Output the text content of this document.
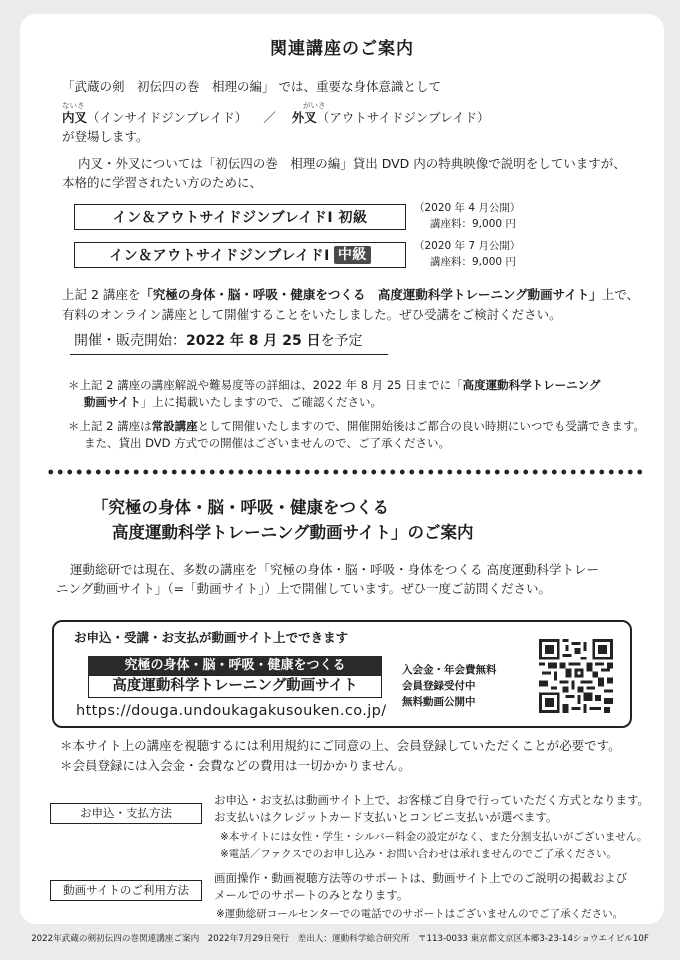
関連講座のご案内
「武蔵の剣　初伝四の巻　相理の編」 では、重要な身体意識として
ないさ	がいさ
内叉（インサイドジンブレイド） ／ 外叉（アウトサイドジンブレイド）
が登場します。
内叉・外叉については「初伝四の巻　相理の編」貸出 DVD 内の特典映像で説明をしていますが、
本格的に学習されたい方のために、
イン＆アウトサイドジンブレイドⅠ 初級
（2020 年 4 月公開）
講座料：9,000 円
イン＆アウトサイドジンブレイドⅠ 中級
（2020 年 7 月公開）
講座料：9,000 円
上記 2 講座を「究極の身体・脳・呼吸・健康をつくる　高度運動科学トレーニング動画サイト」上で、
有料のオンライン講座として開催することをいたしました。ぜひ受講をご検討ください。
開催・販売開始：2022 年 8 月 25 日を予定
＊上記 2 講座の講座解説や難易度等の詳細は、2022 年 8 月 25 日までに「高度運動科学トレーニング
動画サイト」上に掲載いたしますので、ご確認ください。
＊上記 2 講座は常設講座として開催いたしますので、開催開始後はご都合の良い時期にいつでも受講できます。
また、貸出 DVD 方式での開催はございませんので、ご了承ください。
「究極の身体・脳・呼吸・健康をつくる
高度運動科学トレーニング動画サイト」のご案内
運動総研では現在、多数の講座を「究極の身体・脳・呼吸・身体をつくる 高度運動科学トレー
ニング動画サイト」（=「動画サイト」）上で開催しています。ぜひ一度ご訪問ください。
お申込・受講・お支払が動画サイト上でできます
究極の身体・脳・呼吸・健康をつくる
高度運動科学トレーニング動画サイト
https://douga.undoukagakusouken.co.jp/
入会金・年会費無料
会員登録受付中
無料動画公開中
＊本サイト上の講座を視聴するには利用規約にご同意の上、会員登録していただくことが必要です。
＊会員登録には入会金・会費などの費用は一切かかりません。
お申込・支払方法
お申込・お支払は動画サイト上で、お客様ご自身で行っていただく方式となります。
お支払いはクレジットカード支払いとコンビニ支払いが選べます。
※本サイトには女性・学生・シルバー料金の設定がなく、また分割支払いがございません。
※電話／ファクスでのお申し込み・お問い合わせは承れませんのでご了承ください。
動画サイトのご利用方法
画面操作・動画視聴方法等のサポートは、動画サイト上でのご説明の掲載および
メールでのサポートのみとなります。
※運動総研コールセンターでの電話でのサポートはございませんのでご了承ください。
2022年武蔵の剣初伝四の巻関連講座ご案内　2022年7月29日発行　差出人：運動科学総合研究所　〒113-0033 東京都文京区本郷3-23-14ショウエイビル10F
